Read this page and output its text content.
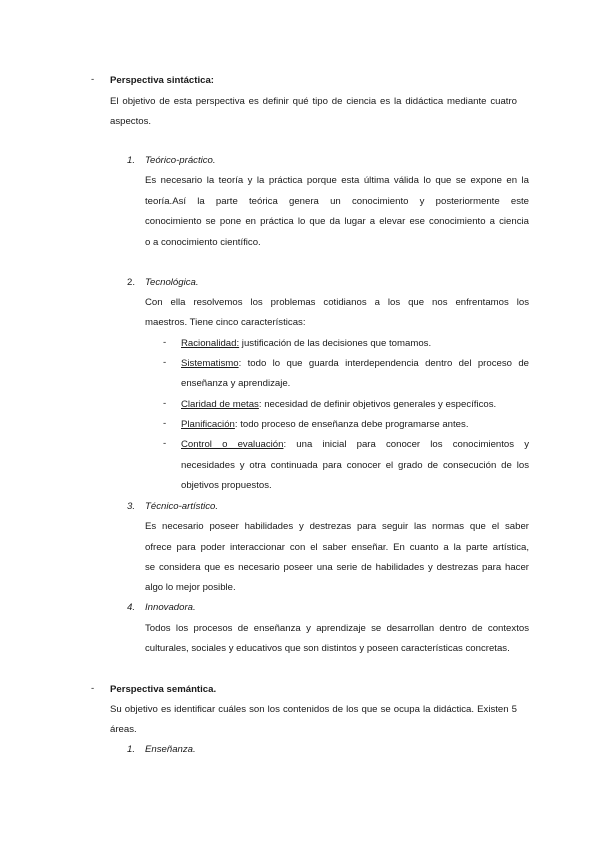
- Perspectiva sintáctica:
El objetivo de esta perspectiva es definir qué tipo de ciencia es la didáctica mediante cuatro
aspectos.
1. Teórico-práctico.
Es necesario la teoría y la práctica porque esta última válida lo que se expone en la
teoría.Así la parte teórica genera un conocimiento y posteriormente este
conocimiento se pone en práctica lo que da lugar a elevar ese conocimiento a ciencia
o a conocimiento científico.
2. Tecnológica.
Con ella resolvemos los problemas cotidianos a los que nos enfrentamos los
maestros. Tiene cinco características:
- Racionalidad: justificación de las decisiones que tomamos.
- Sistematismo: todo lo que guarda interdependencia dentro del proceso de
enseñanza y aprendizaje.
- Claridad de metas: necesidad de definir objetivos generales y específicos.
- Planificación: todo proceso de enseñanza debe programarse antes.
- Control o evaluación: una inicial para conocer los conocimientos y
necesidades y otra continuada para conocer el grado de consecución de los
objetivos propuestos.
3. Técnico-artístico.
Es necesario poseer habilidades y destrezas para seguir las normas que el saber
ofrece para poder interaccionar con el saber enseñar. En cuanto a la parte artística,
se considera que es necesario poseer una serie de habilidades y destrezas para hacer
algo lo mejor posible.
4. Innovadora.
Todos los procesos de enseñanza y aprendizaje se desarrollan dentro de contextos
culturales, sociales y educativos que son distintos y poseen características concretas.
- Perspectiva semántica.
Su objetivo es identificar cuáles son los contenidos de los que se ocupa la didáctica. Existen 5
áreas.
1. Enseñanza.
